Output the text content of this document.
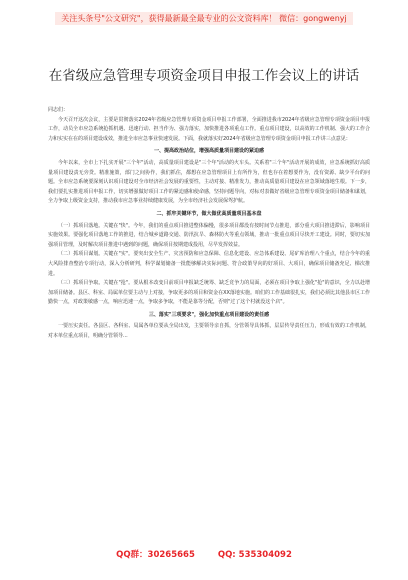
关注头条号"公文研究"，获得最新最全最专业的公文资料库！ 微信：gongwenyj
在省级应急管理专项资金项目申报工作会议上的讲话

同志们：

今天召开这次会议，主要是贯彻落实2024年省级应急管理专项资金项目申报工作部署，全面推进我市2024年省级应急管理专项资金项目申报工作，动员全市应急系统抢抓机遇、迅速行动、担当作为、强力落实，加快推进各项重点工作。重点项目建设，以高效的工作机制、强大的工作合力和实实在在的项目建设成效，推进全市应急事业快速发展。下面，我就落实好2024年省级应急管理专项资金项目申报工作讲三点意见：

一、提高政治站位，增强高质量项目建设的紧迫感

今年以来，全市上下扎实开展"三个年"活动，高质量项目建设是"三个年"活动的火车头。关系着"三个年"活动开展的成效，应急系统抓好高质量项目建设责无旁贷。精准施策，部门之间协作，我们抓住，都想在应急管理项目上有所作为，但也存在着想要作为，没有资源、缺少平台的问题。全市应急系统要深刻认识项目建设对全市经济社会发展的重要性，主动对接、精准发力，推动高质量项目建设在应急领域落地生根。下一步，我们要扎实推进项目申报工作，切实增强做好项目工作的紧迫感和使命感，坚持问题导向，对标对表做好省级应急管理专项资金项目储备和谋划，全力争取上级资金支持，推动我市应急事业持续健康发展，为全市经济社会发展保驾护航。

二、抓牢关键环节，做大做优高质量项目基本盘

（一）抓项目落地。关键在"快"。今年，我们的重点项目推进整体偏慢，很多项目都没有按时间节点推进，部分重大项目推进滞后，影响项目实施效果。要强化项目落地工作的推进，结合城乡道路交通、防汛抗旱、森林防火等重点领域，推动一批重点项目尽快开工建设。同时，要切实加强项目管理，及时解决项目推进中遇到的问题，确保项目按期建成投用，尽早发挥效益。

（二）抓项目谋划。关键在"实"。要突出安全生产、灾害预防和应急保障、信息化建设、应急体系建设、尾矿库治理八个重点，结合今年的重大风险排查整治专项行动，深入分析研判，科学谋划储备一批能够解决实际问题、符合政策导向的好项目、大项目，确保项目储备充足、梯次推进。

（三）抓项目争取。关键在"抢"。要从根本改变目前项目申报缺乏统筹、缺乏竞争力的局面，必须在项目争取上强化"抢"的意识，全力以赴增加项目储备。县区、科室、局属单位要主动与上对接，争取更多的项目和资金在XX落地实施。咱们的工作基础很扎实，我们必须比其他县市区工作勤快一点，对政策敏感一点，响应迅速一点，争取多争取，不能是靠等分配，否则"过了这个村就没这个店"。

三、落实"三项要求"，强化加快重点项目建设的责任感

一要压实责任。各县区、各科室、局属各单位要从全局出发，主要领导亲自抓，分管领导具体抓，层层传导责任压力，形成有效的工作机制，对本单位重点项目，明确分管领导...

QQ群：30265665	QQ: 535304092
